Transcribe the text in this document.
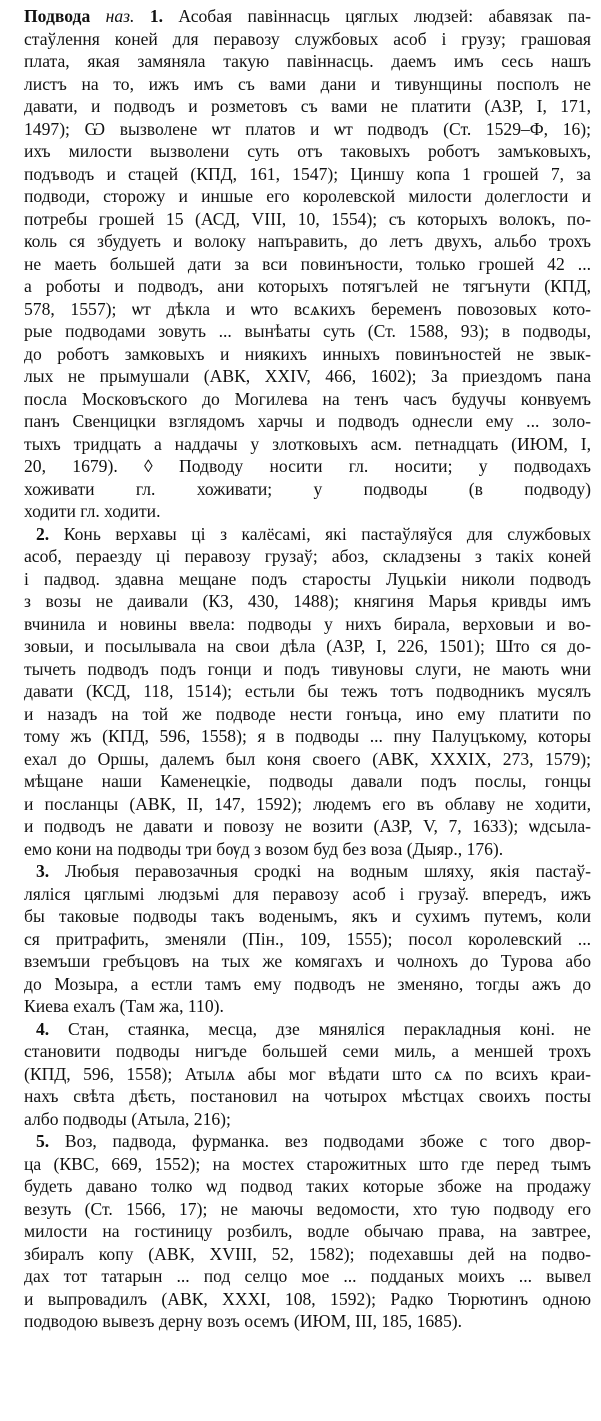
Подвода наз. 1. Асобая павіннасць цяглых людзей: абавязак па-
стаўлення коней для перавозу службовых асоб і грузу; грашовая
плата, якая замяняла такую павіннасць. даемъ имъ сесь нашъ
листъ на то, ижъ имъ съ вами дани и тивунщины посполъ не
давати, и подводъ и розметовъ съ вами не платити (АЗР, I, 171,
1497); Ѡ вызволене ѡт платов и ѡт подводъ (Ст. 1529–Ф, 16);
ихъ милости вызволени суть отъ таковыхъ роботъ замъковыхъ,
подъводъ и стацей (КПД, 161, 1547); Циншу копа 1 грошей 7, за
подводи, сторожу и иншые его королевской милости долеглости и
потребы грошей 15 (АСД, VIII, 10, 1554); съ которыхъ волокъ, по-
коль ся збудуеть и волоку напъравить, до летъ двухъ, альбо трохъ
не маеть большей дати за вси повинъности, только грошей 42 ...
а роботы и подводъ, ани которыхъ потягълей не тягънути (КПД,
578, 1557); ѡт дѣкла и ѡто всѧкихъ беременъ повозовых кото-
рые подводами зовуть ... вынѣаты суть (Ст. 1588, 93); в подводы,
до роботъ замковыхъ и ниякихъ инныхъ повинъностей не звык-
лых не прымушали (АВК, XXIV, 466, 1602); За приездомъ пана
посла Московъского до Могилева на тенъ часъ будучы конвуемъ
панъ Свенцицки взглядомъ харчы и подводъ однесли ему ... золо-
тыхъ тридцать а наддачы у злотковыхъ асм. петнадцать (ИЮМ, I,
20, 1679). ◊ Подводу носити гл. носити; у подводахъ
хоживати гл. хоживати; у подводы (в подводу)
ходити гл. ходити.
2. Конь верхавы ці з калёсамі, які пастаўляўся для службовых
асоб, пераезду ці перавозу грузаў; абоз, складзены з такіх коней
і падвод. здавна мещане подъ старосты Луцькіи николи подводъ
з возы не даивали (КЗ, 430, 1488); княгиня Марья кривды имъ
вчинила и новины ввела: подводы у нихъ бирала, верховыи и во-
зовыи, и посылывала на свои дѣла (АЗР, I, 226, 1501); Што ся до-
тычеть подводъ подъ гонци и подъ тивуновы слуги, не мають ѡни
давати (КСД, 118, 1514); естьли бы тежъ тотъ подводникъ мусялъ
и назадъ на той же подводе нести гонъца, ино ему платити по
тому жъ (КПД, 596, 1558); я в подводы ... пну Палуцъкому, которы
ехал до Оршы, далемъ был коня своего (АВК, XXXIX, 273, 1579);
мѣщане наши Каменецкіе, подводы давали подъ послы, гонцы
и посланцы (АВК, II, 147, 1592); людемъ его въ облаву не ходити,
и подводъ не давати и повозу не возити (АЗР, V, 7, 1633); ѡдсыла-
емо кони на подводы три бѹд з возом буд без воза (Дыяр., 176).
3. Любыя перавозачныя сродкі на водным шляху, якія пастаў-
ляліся цяглымі людзьмі для перавозу асоб і грузаў. впередъ, ижъ
бы таковые подводы такъ воденымъ, якъ и сухимъ путемъ, коли
ся притрафить, зменяли (Пін., 109, 1555); посол королевский ...
вземъши гребъцовъ на тых же комягахъ и чолнохъ до Турова або
до Мозыра, а естли тамъ ему подводъ не зменяно, тогды ажъ до
Киева ехалъ (Там жа, 110).
4. Стан, стаянка, месца, дзе мяняліся перакладныя коні. не
становити подводы нигъде большей семи миль, а меншей трохъ
(КПД, 596, 1558); Атылѧ абы мог вѣдати што сѧ по всихъ краи-
нахъ свѣта дѣєть, постановил на чотырох мѣстцах своихъ посты
албо подводы (Атыла, 216);
5. Воз, падвода, фурманка. вез подводами збоже с того двор-
ца (КВС, 669, 1552); на мостех старожитных што где перед тымъ
будеть давано толко ѡд подвод таких которые збоже на продажу
везуть (Ст. 1566, 17); не маючы ведомости, хто тую подводу его
милости на гостиницу розбилъ, водле обычаю права, на завтрее,
збиралъ копу (АВК, XVIII, 52, 1582); подехавшы дей на подво-
дах тот татарын ... под селцо мое ... подданых моихъ ... вывел
и выпровадилъ (АВК, XXXI, 108, 1592); Радко Тюрютинъ одною
подводою вывезъ дерну возъ осемъ (ИЮМ, III, 185, 1685).
